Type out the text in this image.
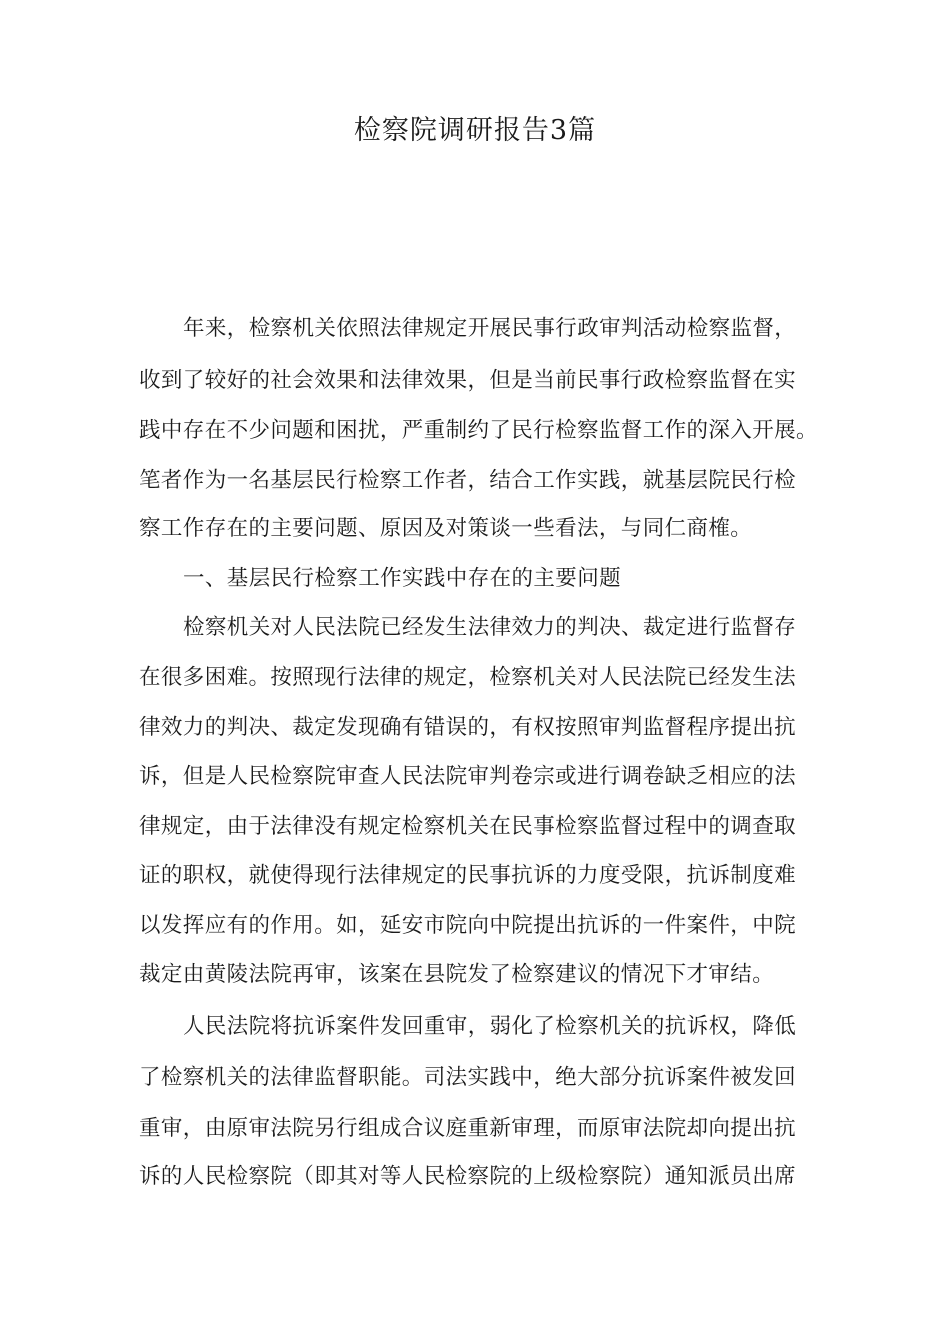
检察院调研报告3篇
年来，检察机关依照法律规定开展民事行政审判活动检察监督，
收到了较好的社会效果和法律效果，但是当前民事行政检察监督在实
践中存在不少问题和困扰，严重制约了民行检察监督工作的深入开展。
笔者作为一名基层民行检察工作者，结合工作实践，就基层院民行检
察工作存在的主要问题、原因及对策谈一些看法，与同仁商榷。
一、基层民行检察工作实践中存在的主要问题
检察机关对人民法院已经发生法律效力的判决、裁定进行监督存
在很多困难。按照现行法律的规定，检察机关对人民法院已经发生法
律效力的判决、裁定发现确有错误的，有权按照审判监督程序提出抗
诉，但是人民检察院审查人民法院审判卷宗或进行调卷缺乏相应的法
律规定，由于法律没有规定检察机关在民事检察监督过程中的调查取
证的职权，就使得现行法律规定的民事抗诉的力度受限，抗诉制度难
以发挥应有的作用。如，延安市院向中院提出抗诉的一件案件，中院
裁定由黄陵法院再审，该案在县院发了检察建议的情况下才审结。
人民法院将抗诉案件发回重审，弱化了检察机关的抗诉权，降低
了检察机关的法律监督职能。司法实践中，绝大部分抗诉案件被发回
重审，由原审法院另行组成合议庭重新审理，而原审法院却向提出抗
诉的人民检察院（即其对等人民检察院的上级检察院）通知派员出席
